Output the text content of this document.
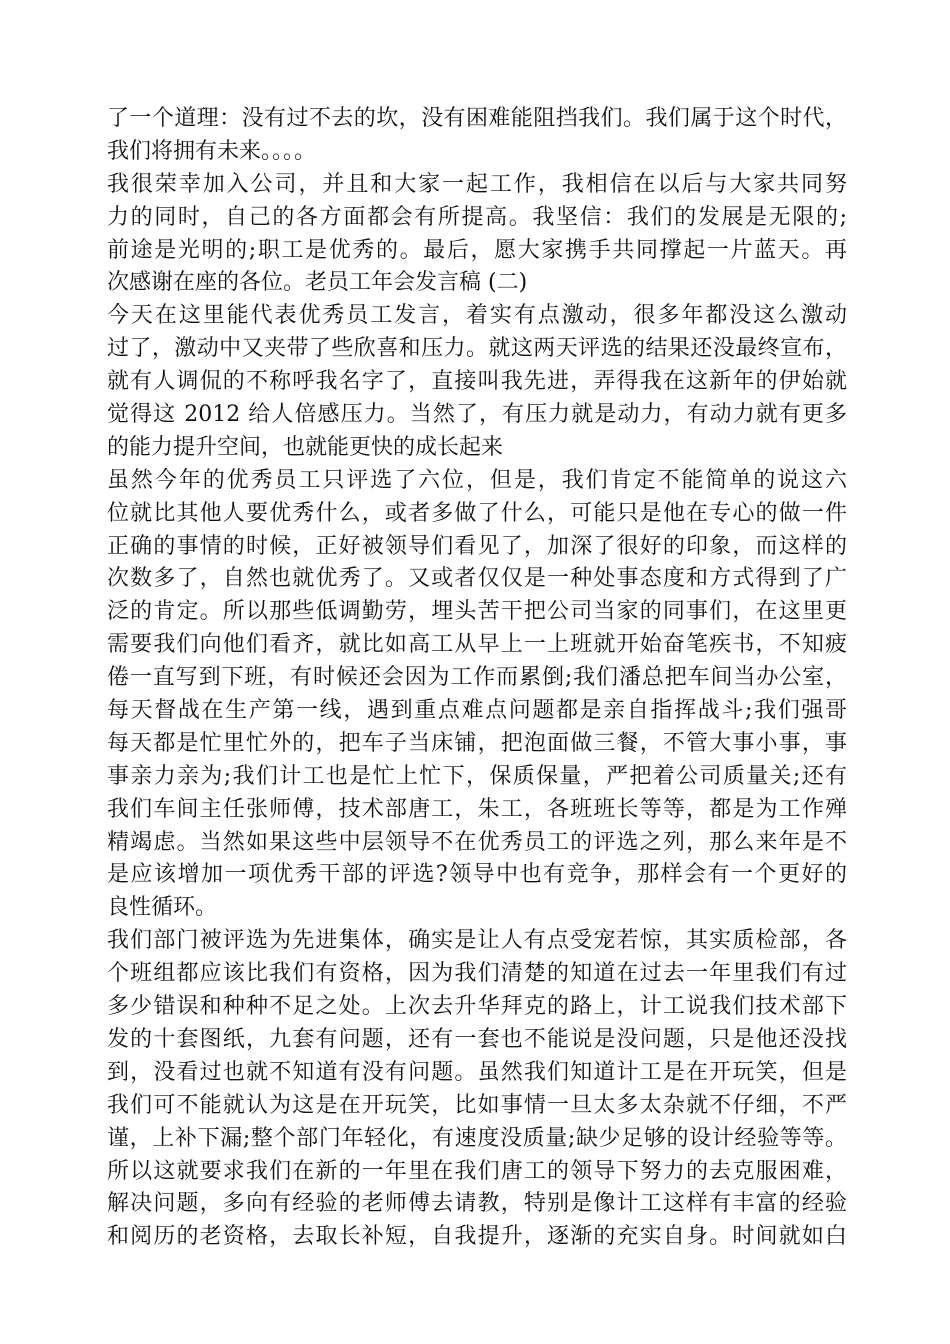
了一个道理：没有过不去的坎，没有困难能阻挡我们。我们属于这个时代，
我们将拥有未来。。。。
我很荣幸加入公司，并且和大家一起工作，我相信在以后与大家共同努
力的同时，自己的各方面都会有所提高。我坚信：我们的发展是无限的;
前途是光明的;职工是优秀的。最后，愿大家携手共同撑起一片蓝天。再
次感谢在座的各位。老员工年会发言稿 (二)
今天在这里能代表优秀员工发言，着实有点激动，很多年都没这么激动
过了，激动中又夹带了些欣喜和压力。就这两天评选的结果还没最终宣布，
就有人调侃的不称呼我名字了，直接叫我先进，弄得我在这新年的伊始就
觉得这 2012 给人倍感压力。当然了，有压力就是动力，有动力就有更多
的能力提升空间，也就能更快的成长起来
虽然今年的优秀员工只评选了六位，但是，我们肯定不能简单的说这六
位就比其他人要优秀什么，或者多做了什么，可能只是他在专心的做一件
正确的事情的时候，正好被领导们看见了，加深了很好的印象，而这样的
次数多了，自然也就优秀了。又或者仅仅是一种处事态度和方式得到了广
泛的肯定。所以那些低调勤劳，埋头苦干把公司当家的同事们，在这里更
需要我们向他们看齐，就比如高工从早上一上班就开始奋笔疾书，不知疲
倦一直写到下班，有时候还会因为工作而累倒;我们潘总把车间当办公室，
每天督战在生产第一线，遇到重点难点问题都是亲自指挥战斗;我们强哥
每天都是忙里忙外的，把车子当床铺，把泡面做三餐，不管大事小事，事
事亲力亲为;我们计工也是忙上忙下，保质保量，严把着公司质量关;还有
我们车间主任张师傅，技术部唐工，朱工，各班班长等等，都是为工作殚
精竭虑。当然如果这些中层领导不在优秀员工的评选之列，那么来年是不
是应该增加一项优秀干部的评选?领导中也有竞争，那样会有一个更好的
良性循环。
我们部门被评选为先进集体，确实是让人有点受宠若惊，其实质检部，各
个班组都应该比我们有资格，因为我们清楚的知道在过去一年里我们有过
多少错误和种种不足之处。上次去升华拜克的路上，计工说我们技术部下
发的十套图纸，九套有问题，还有一套也不能说是没问题，只是他还没找
到，没看过也就不知道有没有问题。虽然我们知道计工是在开玩笑，但是
我们可不能就认为这是在开玩笑，比如事情一旦太多太杂就不仔细，不严
谨，上补下漏;整个部门年轻化，有速度没质量;缺少足够的设计经验等等。
所以这就要求我们在新的一年里在我们唐工的领导下努力的去克服困难，
解决问题，多向有经验的老师傅去请教，特别是像计工这样有丰富的经验
和阅历的老资格，去取长补短，自我提升，逐渐的充实自身。时间就如白
